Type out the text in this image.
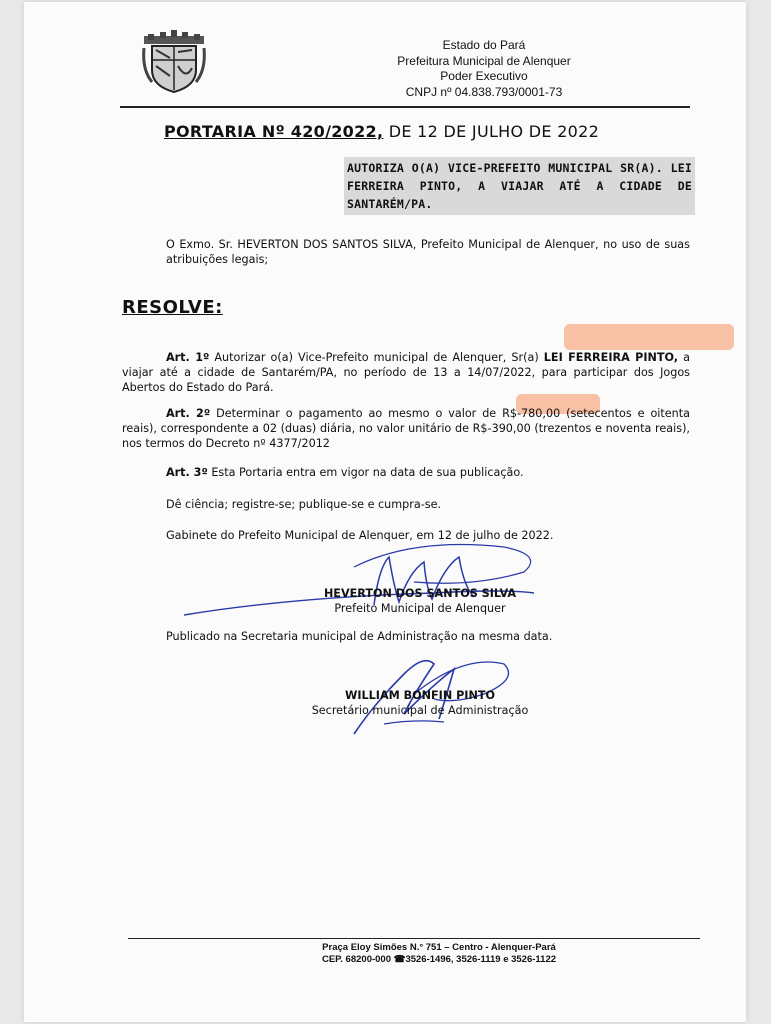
Estado do Pará
Prefeitura Municipal de Alenquer
Poder Executivo
CNPJ nº 04.838.793/0001-73
PORTARIA Nº 420/2022, DE 12 DE JULHO DE 2022
AUTORIZA O(A) VICE-PREFEITO MUNICIPAL SR(A). LEI FERREIRA PINTO, A VIAJAR ATÉ A CIDADE DE SANTARÉM/PA.
O Exmo. Sr. HEVERTON DOS SANTOS SILVA, Prefeito Municipal de Alenquer, no uso de suas atribuições legais;
RESOLVE:
Art. 1º Autorizar o(a) Vice-Prefeito municipal de Alenquer, Sr(a) LEI FERREIRA PINTO, a viajar até a cidade de Santarém/PA, no período de 13 a 14/07/2022, para participar dos Jogos Abertos do Estado do Pará.
Art. 2º Determinar o pagamento ao mesmo o valor de R$-780,00 (setecentos e oitenta reais), correspondente a 02 (duas) diária, no valor unitário de R$-390,00 (trezentos e noventa reais), nos termos do Decreto nº 4377/2012
Art. 3º Esta Portaria entra em vigor na data de sua publicação.
Dê ciência; registre-se; publique-se e cumpra-se.
Gabinete do Prefeito Municipal de Alenquer, em 12 de julho de 2022.
HEVERTON DOS SANTOS SILVA
Prefeito Municipal de Alenquer
Publicado na Secretaria municipal de Administração na mesma data.
WILLIAM BONFIN PINTO
Secretário municipal de Administração
Praça Eloy Simões N.° 751 – Centro - Alenquer-Pará
CEP. 68200-000 ☎3526-1496, 3526-1119 e 3526-1122
